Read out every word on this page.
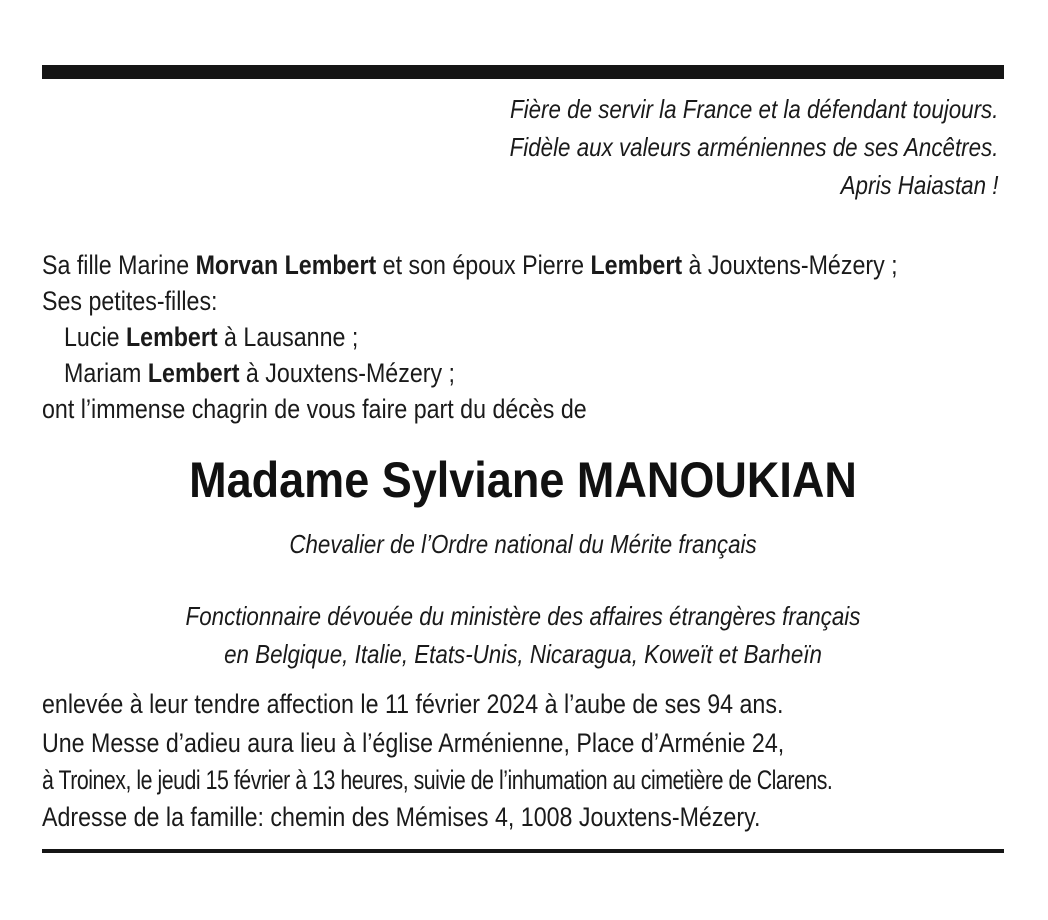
Fière de servir la France et la défendant toujours.
Fidèle aux valeurs arméniennes de ses Ancêtres.
Apris Haiastan !
Sa fille Marine Morvan Lembert et son époux Pierre Lembert à Jouxtens-Mézery ;
Ses petites-filles:
Lucie Lembert à Lausanne ;
Mariam Lembert à Jouxtens-Mézery ;
ont l’immense chagrin de vous faire part du décès de
Madame Sylviane MANOUKIAN
Chevalier de l’Ordre national du Mérite français
Fonctionnaire dévouée du ministère des affaires étrangères français
en Belgique, Italie, Etats-Unis, Nicaragua, Koweït et Barheïn
enlevée à leur tendre affection le 11 février 2024 à l’aube de ses 94 ans.
Une Messe d’adieu aura lieu à l’église Arménienne, Place d’Arménie 24,
à Troinex, le jeudi 15 février à 13 heures, suivie de l’inhumation au cimetière de Clarens.
Adresse de la famille: chemin des Mémises 4, 1008 Jouxtens-Mézery.
